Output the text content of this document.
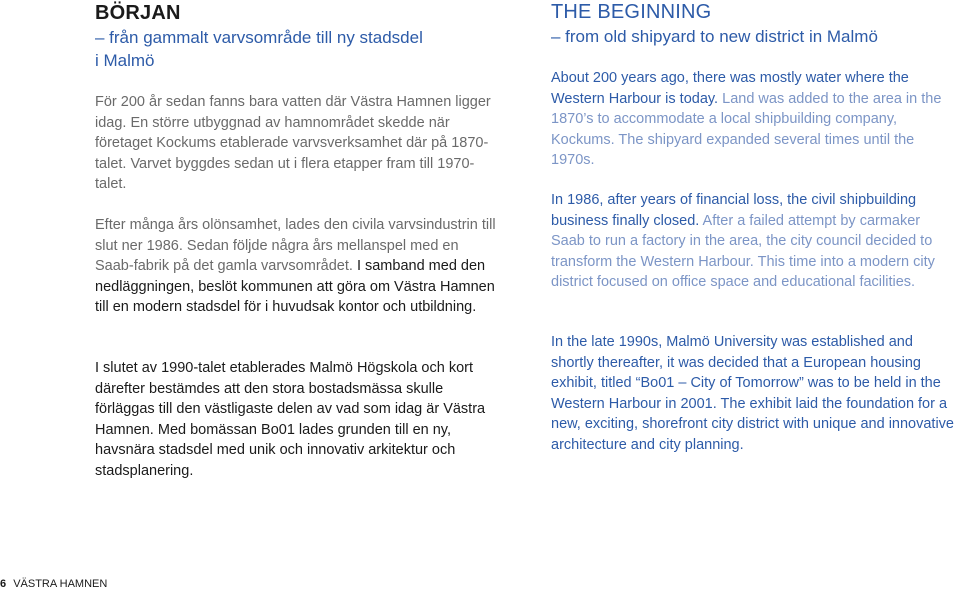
BÖRJAN
– från gammalt varvsområde till ny stadsdel i Malmö

För 200 år sedan fanns bara vatten där Västra Hamnen ligger idag. En större utbyggnad av hamnområdet skedde när företaget Kockums etablerade varvsverksamhet där på 1870-talet. Varvet byggdes sedan ut i flera etapper fram till 1970-talet.

Efter många års olönsamhet, lades den civila varvsindustrin till slut ner 1986. Sedan följde några års mellanspel med en Saab-fabrik på det gamla varvsområdet. I samband med den nedläggningen, beslöt kommunen att göra om Västra Hamnen till en modern stadsdel för i huvudsak kontor och utbildning.

I slutet av 1990-talet etablerades Malmö Högskola och kort därefter bestämdes att den stora bostadsmässa skulle förläggas till den västligaste delen av vad som idag är Västra Hamnen. Med bomässan Bo01 lades grunden till en ny, havsnära stadsdel med unik och innovativ arkitektur och stadsplanering.

THE BEGINNING
– from old shipyard to new district in Malmö

About 200 years ago, there was mostly water where the Western Harbour is today. Land was added to the area in the 1870’s to accommodate a local shipbuilding company, Kockums. The shipyard expanded several times until the 1970s.

In 1986, after years of financial loss, the civil shipbuilding business finally closed. After a failed attempt by carmaker Saab to run a factory in the area, the city council decided to transform the Western Harbour. This time into a modern city district focused on office space and educational facilities.

In the late 1990s, Malmö University was established and shortly thereafter, it was decided that a European housing exhibit, titled “Bo01 – City of Tomorrow” was to be held in the Western Harbour in 2001. The exhibit laid the foundation for a new, exciting, shorefront city district with unique and innovative architecture and city planning.

6 VÄSTRA HAMNEN
